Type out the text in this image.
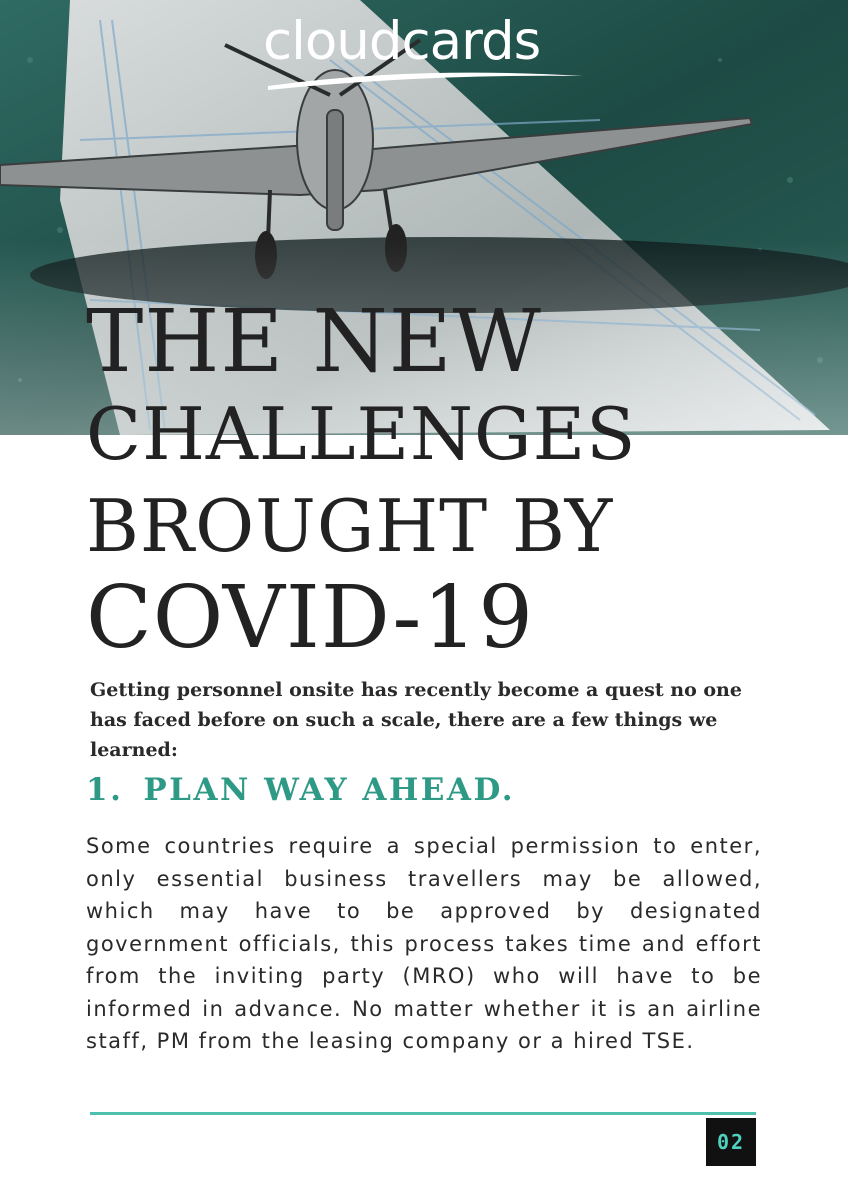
cloudcards
THE NEW
CHALLENGES
BROUGHT BY
COVID-19

Getting personnel onsite has recently become a quest no one has faced before on such a scale, there are a few things we learned:

1. PLAN WAY AHEAD.

Some countries require a special permission to enter, only essential business travellers may be allowed, which may have to be approved by designated government officials, this process takes time and effort from the inviting party (MRO) who will have to be informed in advance. No matter whether it is an airline staff, PM from the leasing company or a hired TSE.

02
